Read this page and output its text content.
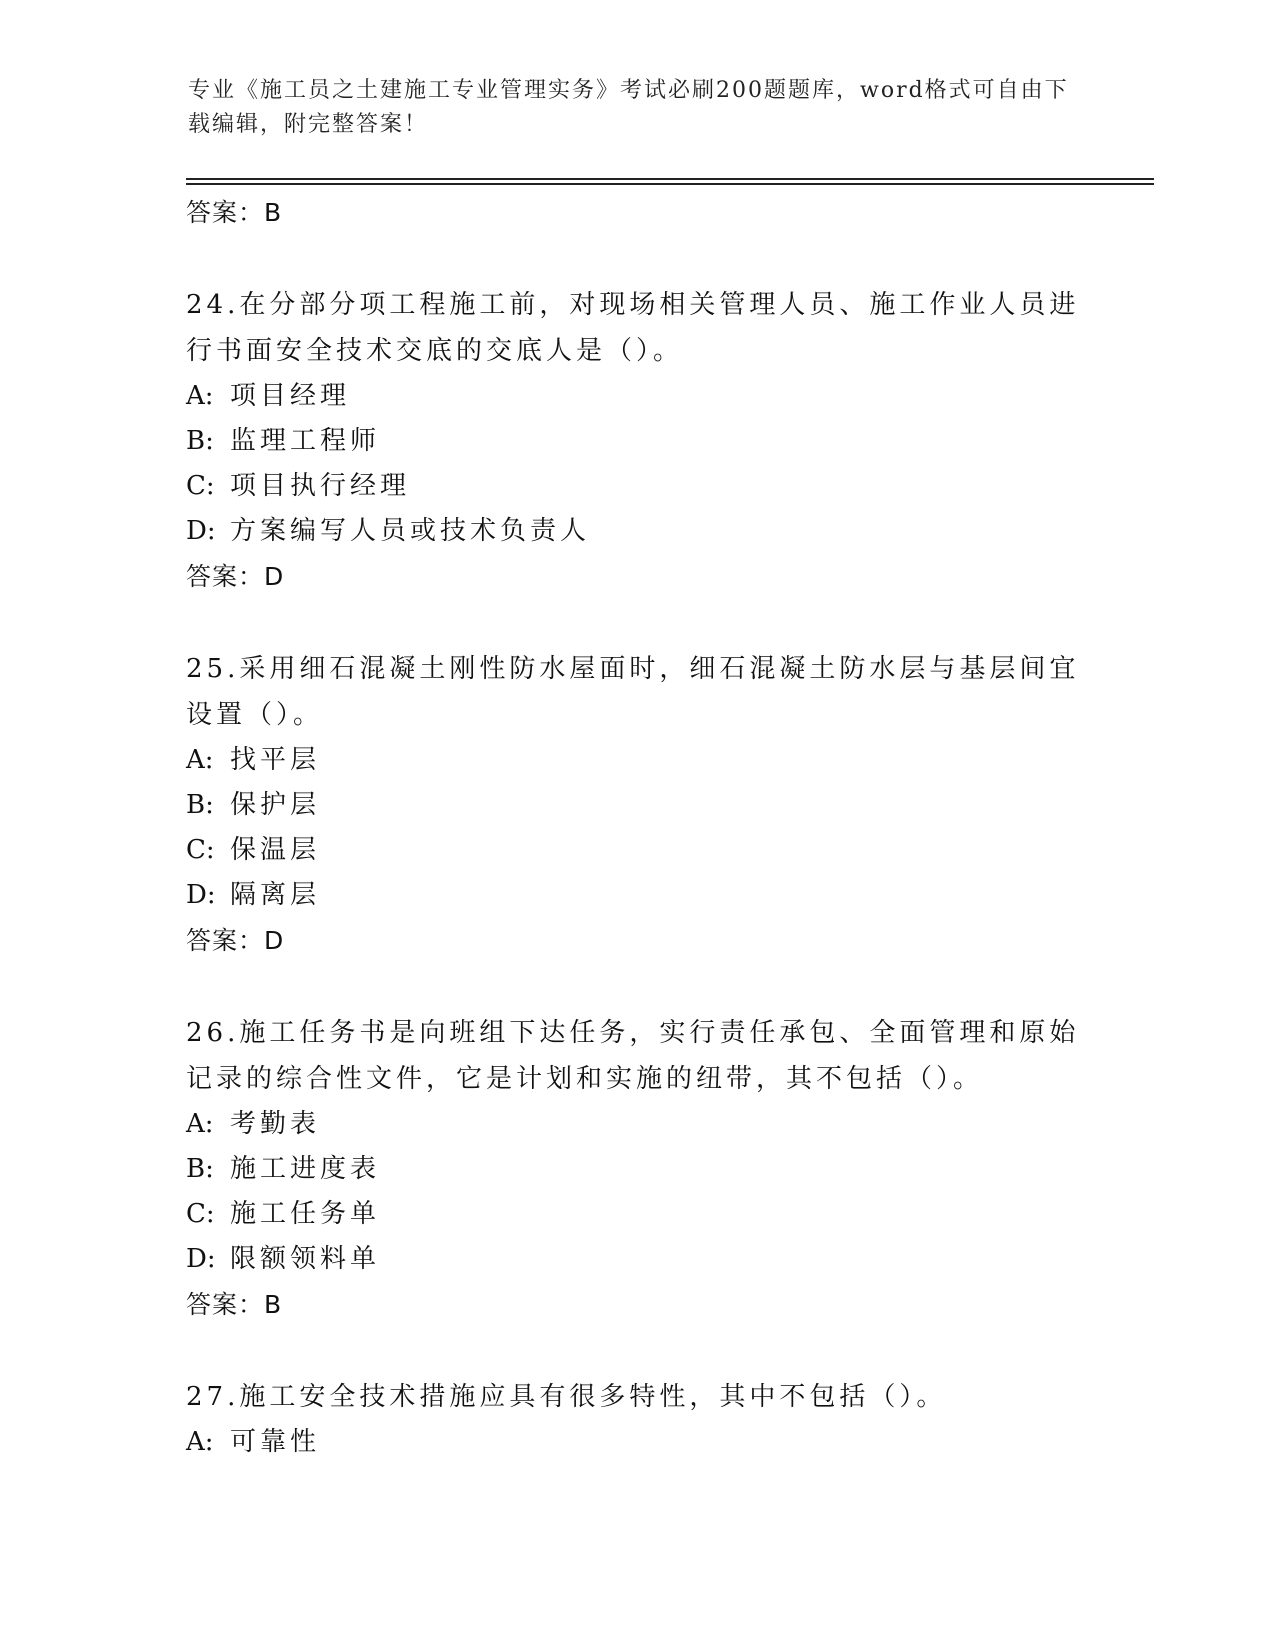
专业《施工员之土建施工专业管理实务》考试必刷200题题库，word格式可自由下载编辑，附完整答案！
答案：B
24.在分部分项工程施工前，对现场相关管理人员、施工作业人员进行书面安全技术交底的交底人是（）。
A: 项目经理
B: 监理工程师
C: 项目执行经理
D: 方案编写人员或技术负责人
答案：D
25.采用细石混凝土刚性防水屋面时，细石混凝土防水层与基层间宜设置（）。
A: 找平层
B: 保护层
C: 保温层
D: 隔离层
答案：D
26.施工任务书是向班组下达任务，实行责任承包、全面管理和原始记录的综合性文件，它是计划和实施的纽带，其不包括（）。
A: 考勤表
B: 施工进度表
C: 施工任务单
D: 限额领料单
答案：B
27.施工安全技术措施应具有很多特性，其中不包括（）。
A: 可靠性
